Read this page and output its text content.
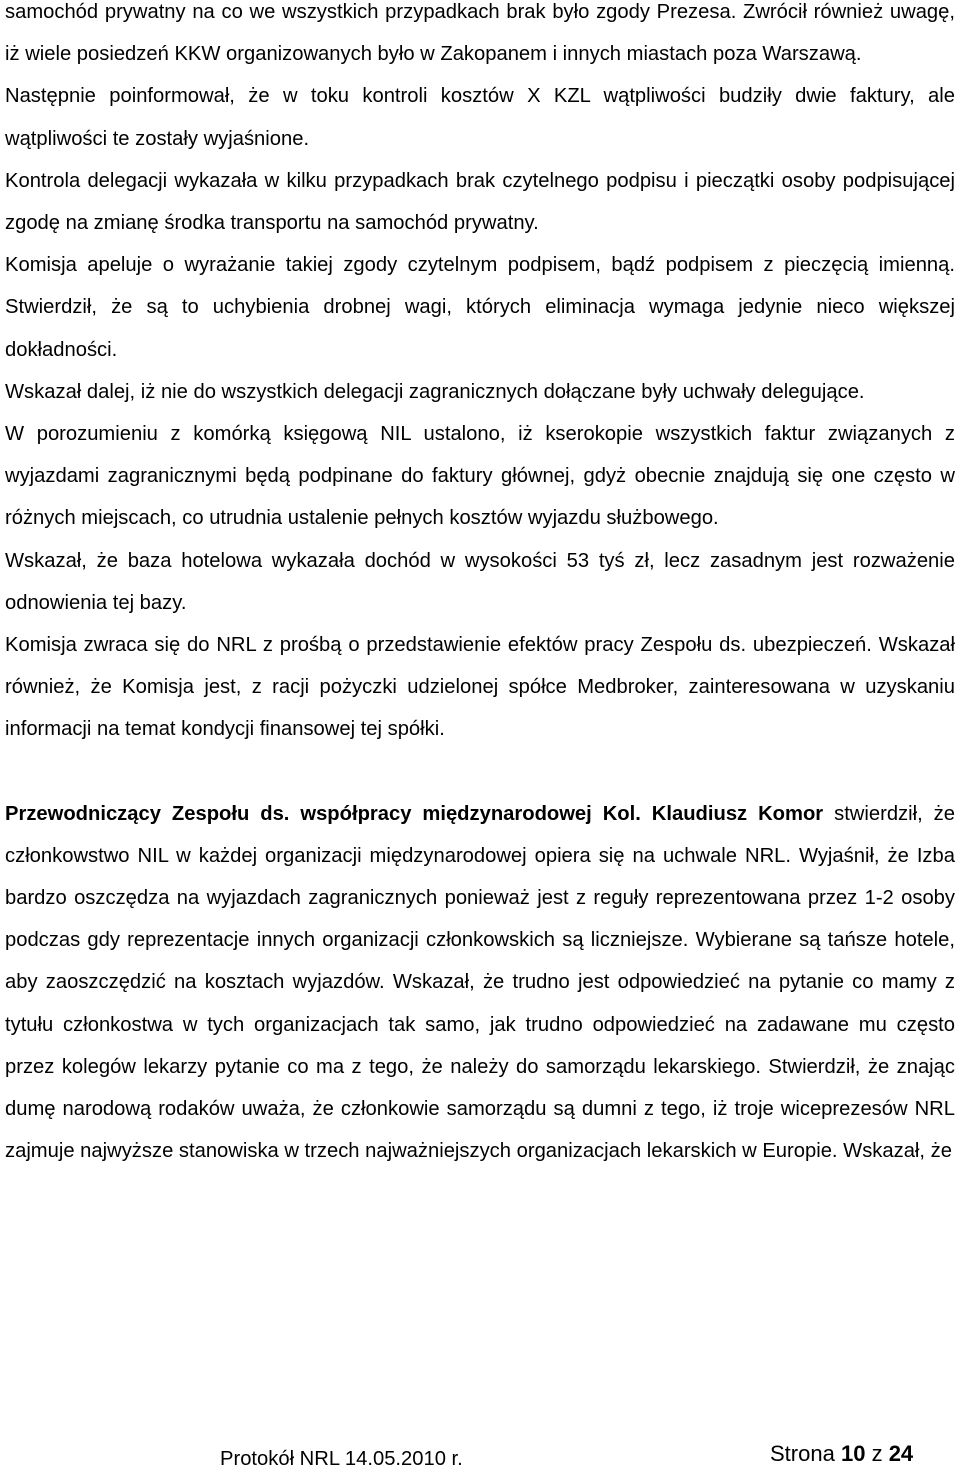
samochód prywatny na co we wszystkich przypadkach brak było zgody Prezesa. Zwrócił również uwagę, iż wiele posiedzeń KKW organizowanych było w Zakopanem i innych miastach poza Warszawą.

Następnie poinformował, że w toku kontroli kosztów X KZL wątpliwości budziły dwie faktury, ale wątpliwości te zostały wyjaśnione.

Kontrola delegacji wykazała w kilku przypadkach brak czytelnego podpisu i pieczątki osoby podpisującej zgodę na zmianę środka transportu na samochód prywatny.

Komisja apeluje o wyrażanie takiej zgody czytelnym podpisem, bądź podpisem z pieczęcią imienną. Stwierdził, że są to uchybienia drobnej wagi, których eliminacja wymaga jedynie nieco większej dokładności.

Wskazał dalej, iż nie do wszystkich delegacji zagranicznych dołączane były uchwały delegujące.

W porozumieniu z komórką księgową NIL ustalono, iż kserokopie wszystkich faktur związanych z wyjazdami zagranicznymi będą podpinane do faktury głównej, gdyż obecnie znajdują się one często w różnych miejscach, co utrudnia ustalenie pełnych kosztów wyjazdu służbowego.

Wskazał, że baza hotelowa wykazała dochód w wysokości 53 tyś zł, lecz zasadnym jest rozważenie odnowienia tej bazy.

Komisja zwraca się do NRL z prośbą o przedstawienie efektów pracy Zespołu ds. ubezpieczeń. Wskazał również, że Komisja jest, z racji pożyczki udzielonej spółce Medbroker, zainteresowana w uzyskaniu informacji na temat kondycji finansowej tej spółki.

Przewodniczący Zespołu ds. współpracy międzynarodowej Kol. Klaudiusz Komor stwierdził, że członkowstwo NIL w każdej organizacji międzynarodowej opiera się na uchwale NRL. Wyjaśnił, że Izba bardzo oszczędza na wyjazdach zagranicznych ponieważ jest z reguły reprezentowana przez 1-2 osoby podczas gdy reprezentacje innych organizacji członkowskich są liczniejsze. Wybierane są tańsze hotele, aby zaoszczędzić na kosztach wyjazdów. Wskazał, że trudno jest odpowiedzieć na pytanie co mamy z tytułu członkostwa w tych organizacjach tak samo, jak trudno odpowiedzieć na zadawane mu często przez kolegów lekarzy pytanie co ma z tego, że należy do samorządu lekarskiego. Stwierdził, że znając dumę narodową rodaków uważa, że członkowie samorządu są dumni z tego, iż troje wiceprezesów NRL zajmuje najwyższe stanowiska w trzech najważniejszych organizacjach lekarskich w Europie. Wskazał, że

Protokół NRL 14.05.2010 r.	Strona 10 z 24
